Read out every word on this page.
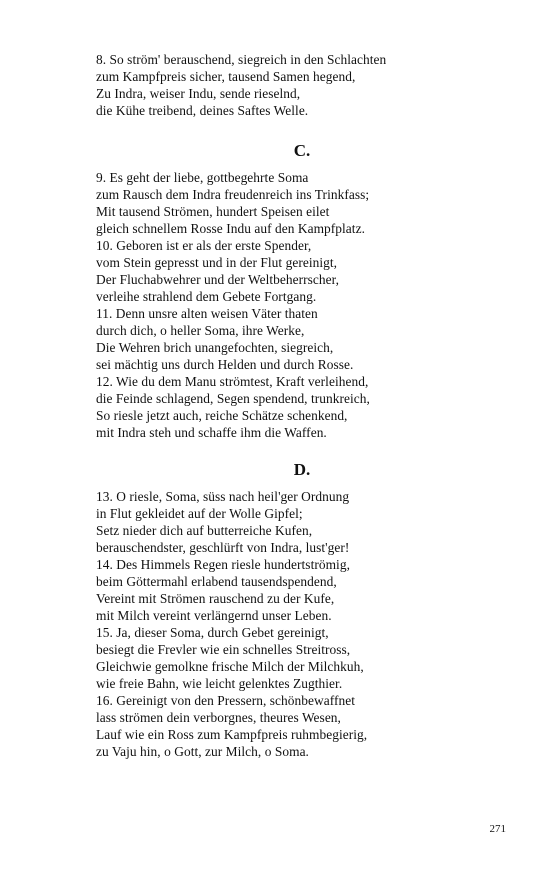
8. So ström' berauschend, siegreich in den Schlachten
zum Kampfpreis sicher, tausend Samen hegend,
Zu Indra, weiser Indu, sende rieselnd,
die Kühe treibend, deines Saftes Welle.
C.
9. Es geht der liebe, gottbegehrte Soma
zum Rausch dem Indra freudenreich ins Trinkfass;
Mit tausend Strömen, hundert Speisen eilet
gleich schnellem Rosse Indu auf den Kampfplatz.
10. Geboren ist er als der erste Spender,
vom Stein gepresst und in der Flut gereinigt,
Der Fluchabwehrer und der Weltbeherrscher,
verleihe strahlend dem Gebete Fortgang.
11. Denn unsre alten weisen Väter thaten
durch dich, o heller Soma, ihre Werke,
Die Wehren brich unangefochten, siegreich,
sei mächtig uns durch Helden und durch Rosse.
12. Wie du dem Manu strömtest, Kraft verleihend,
die Feinde schlagend, Segen spendend, trunkreich,
So riesle jetzt auch, reiche Schätze schenkend,
mit Indra steh und schaffe ihm die Waffen.
D.
13. O riesle, Soma, süss nach heil'ger Ordnung
in Flut gekleidet auf der Wolle Gipfel;
Setz nieder dich auf butterreiche Kufen,
berauschendster, geschlürft von Indra, lust'ger!
14. Des Himmels Regen riesle hundertströmig,
beim Göttermahl erlabend tausendspendend,
Vereint mit Strömen rauschend zu der Kufe,
mit Milch vereint verlängernd unser Leben.
15. Ja, dieser Soma, durch Gebet gereinigt,
besiegt die Frevler wie ein schnelles Streitross,
Gleichwie gemolkne frische Milch der Milchkuh,
wie freie Bahn, wie leicht gelenktes Zugthier.
16. Gereinigt von den Pressern, schönbewaffnet
lass strömen dein verborgnes, theures Wesen,
Lauf wie ein Ross zum Kampfpreis ruhmbegierig,
zu Vaju hin, o Gott, zur Milch, o Soma.
271
